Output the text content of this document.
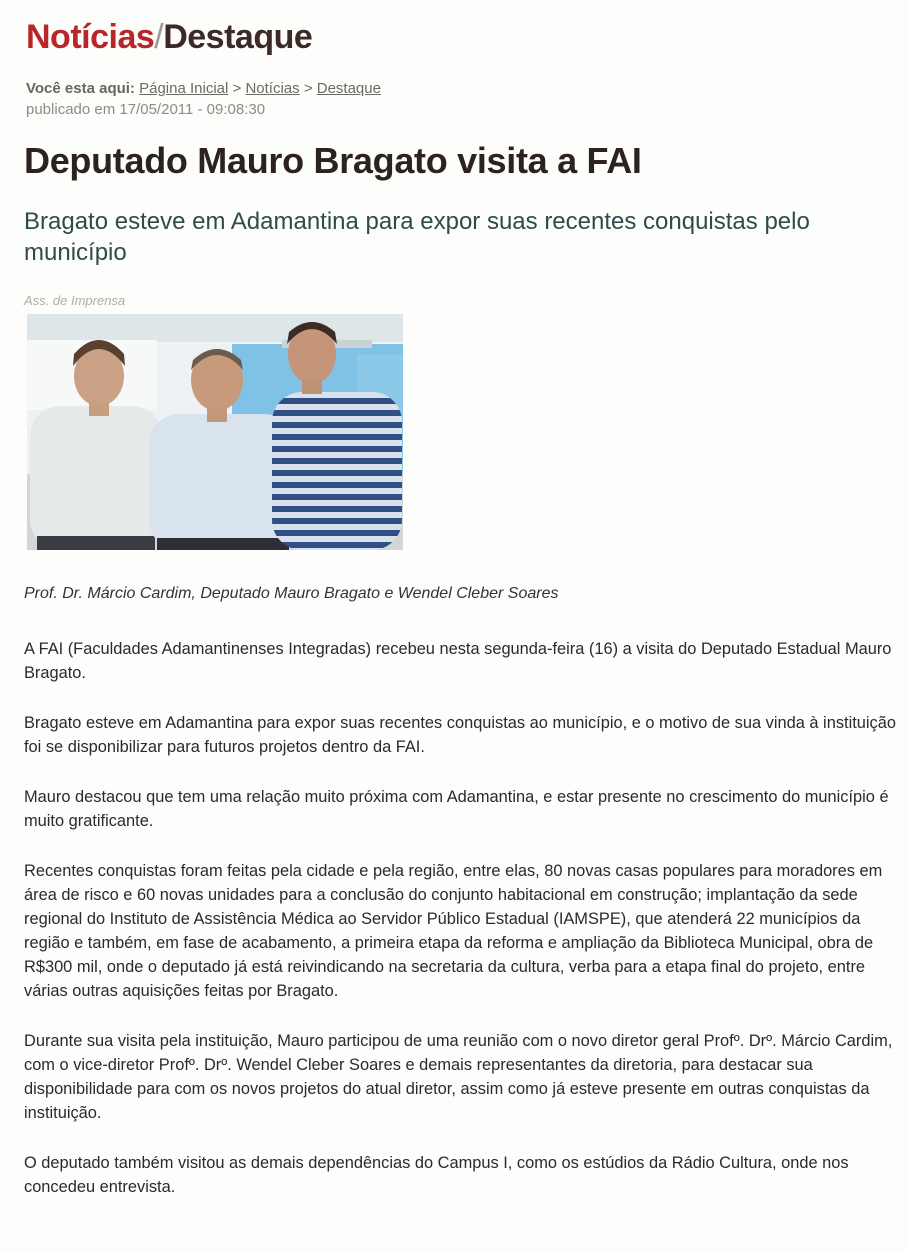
Notícias/Destaque
Você esta aqui: Página Inicial > Notícias > Destaque
publicado em 17/05/2011 - 09:08:30
Deputado Mauro Bragato visita a FAI
Bragato esteve em Adamantina para expor suas recentes conquistas pelo município
Ass. de Imprensa
Prof. Dr. Márcio Cardim, Deputado Mauro Bragato e Wendel Cleber Soares

A FAI (Faculdades Adamantinenses Integradas) recebeu nesta segunda-feira (16) a visita do Deputado Estadual Mauro Bragato.

Bragato esteve em Adamantina para expor suas recentes conquistas ao município, e o motivo de sua vinda à instituição foi se disponibilizar para futuros projetos dentro da FAI.

Mauro destacou que tem uma relação muito próxima com Adamantina, e estar presente no crescimento do município é muito gratificante.

Recentes conquistas foram feitas pela cidade e pela região, entre elas, 80 novas casas populares para moradores em área de risco e 60 novas unidades para a conclusão do conjunto habitacional em construção; implantação da sede regional do Instituto de Assistência Médica ao Servidor Público Estadual (IAMSPE), que atenderá 22 municípios da região e também, em fase de acabamento, a primeira etapa da reforma e ampliação da Biblioteca Municipal, obra de R$300 mil, onde o deputado já está reivindicando na secretaria da cultura, verba para a etapa final do projeto, entre várias outras aquisições feitas por Bragato.

Durante sua visita pela instituição, Mauro participou de uma reunião com o novo diretor geral Profº. Drº. Márcio Cardim, com o vice-diretor Profº. Drº. Wendel Cleber Soares e demais representantes da diretoria, para destacar sua disponibilidade para com os novos projetos do atual diretor, assim como já esteve presente em outras conquistas da instituição.

O deputado também visitou as demais dependências do Campus I, como os estúdios da Rádio Cultura, onde nos concedeu entrevista.
